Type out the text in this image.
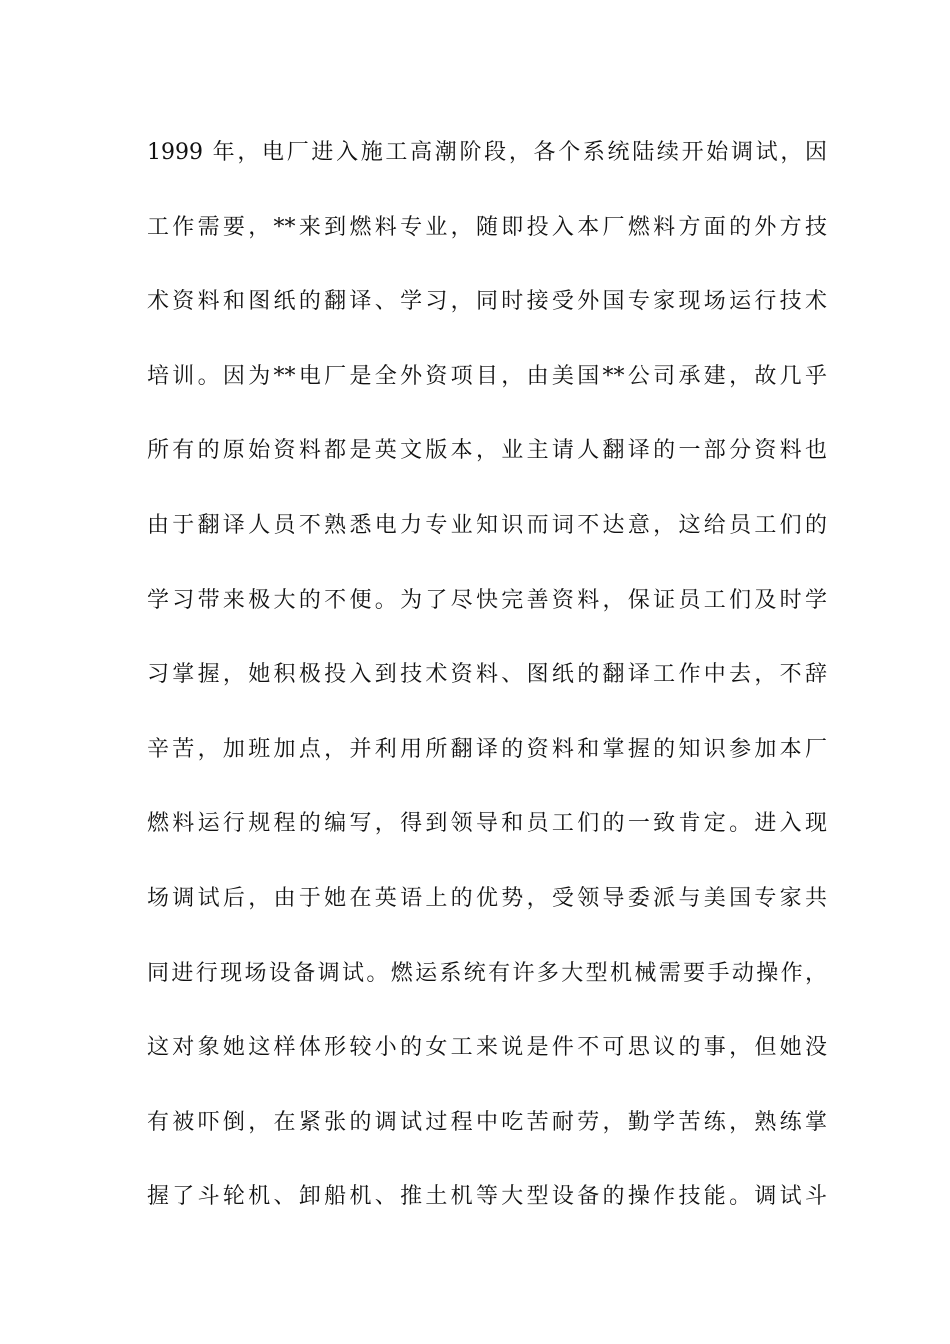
1999 年，电厂进入施工高潮阶段，各个系统陆续开始调试，因
工作需要，**来到燃料专业，随即投入本厂燃料方面的外方技
术资料和图纸的翻译、学习，同时接受外国专家现场运行技术
培训。因为**电厂是全外资项目，由美国**公司承建，故几乎
所有的原始资料都是英文版本，业主请人翻译的一部分资料也
由于翻译人员不熟悉电力专业知识而词不达意，这给员工们的
学习带来极大的不便。为了尽快完善资料，保证员工们及时学
习掌握，她积极投入到技术资料、图纸的翻译工作中去，不辞
辛苦，加班加点，并利用所翻译的资料和掌握的知识参加本厂
燃料运行规程的编写，得到领导和员工们的一致肯定。进入现
场调试后，由于她在英语上的优势，受领导委派与美国专家共
同进行现场设备调试。燃运系统有许多大型机械需要手动操作，
这对象她这样体形较小的女工来说是件不可思议的事，但她没
有被吓倒，在紧张的调试过程中吃苦耐劳，勤学苦练，熟练掌
握了斗轮机、卸船机、推土机等大型设备的操作技能。调试斗
